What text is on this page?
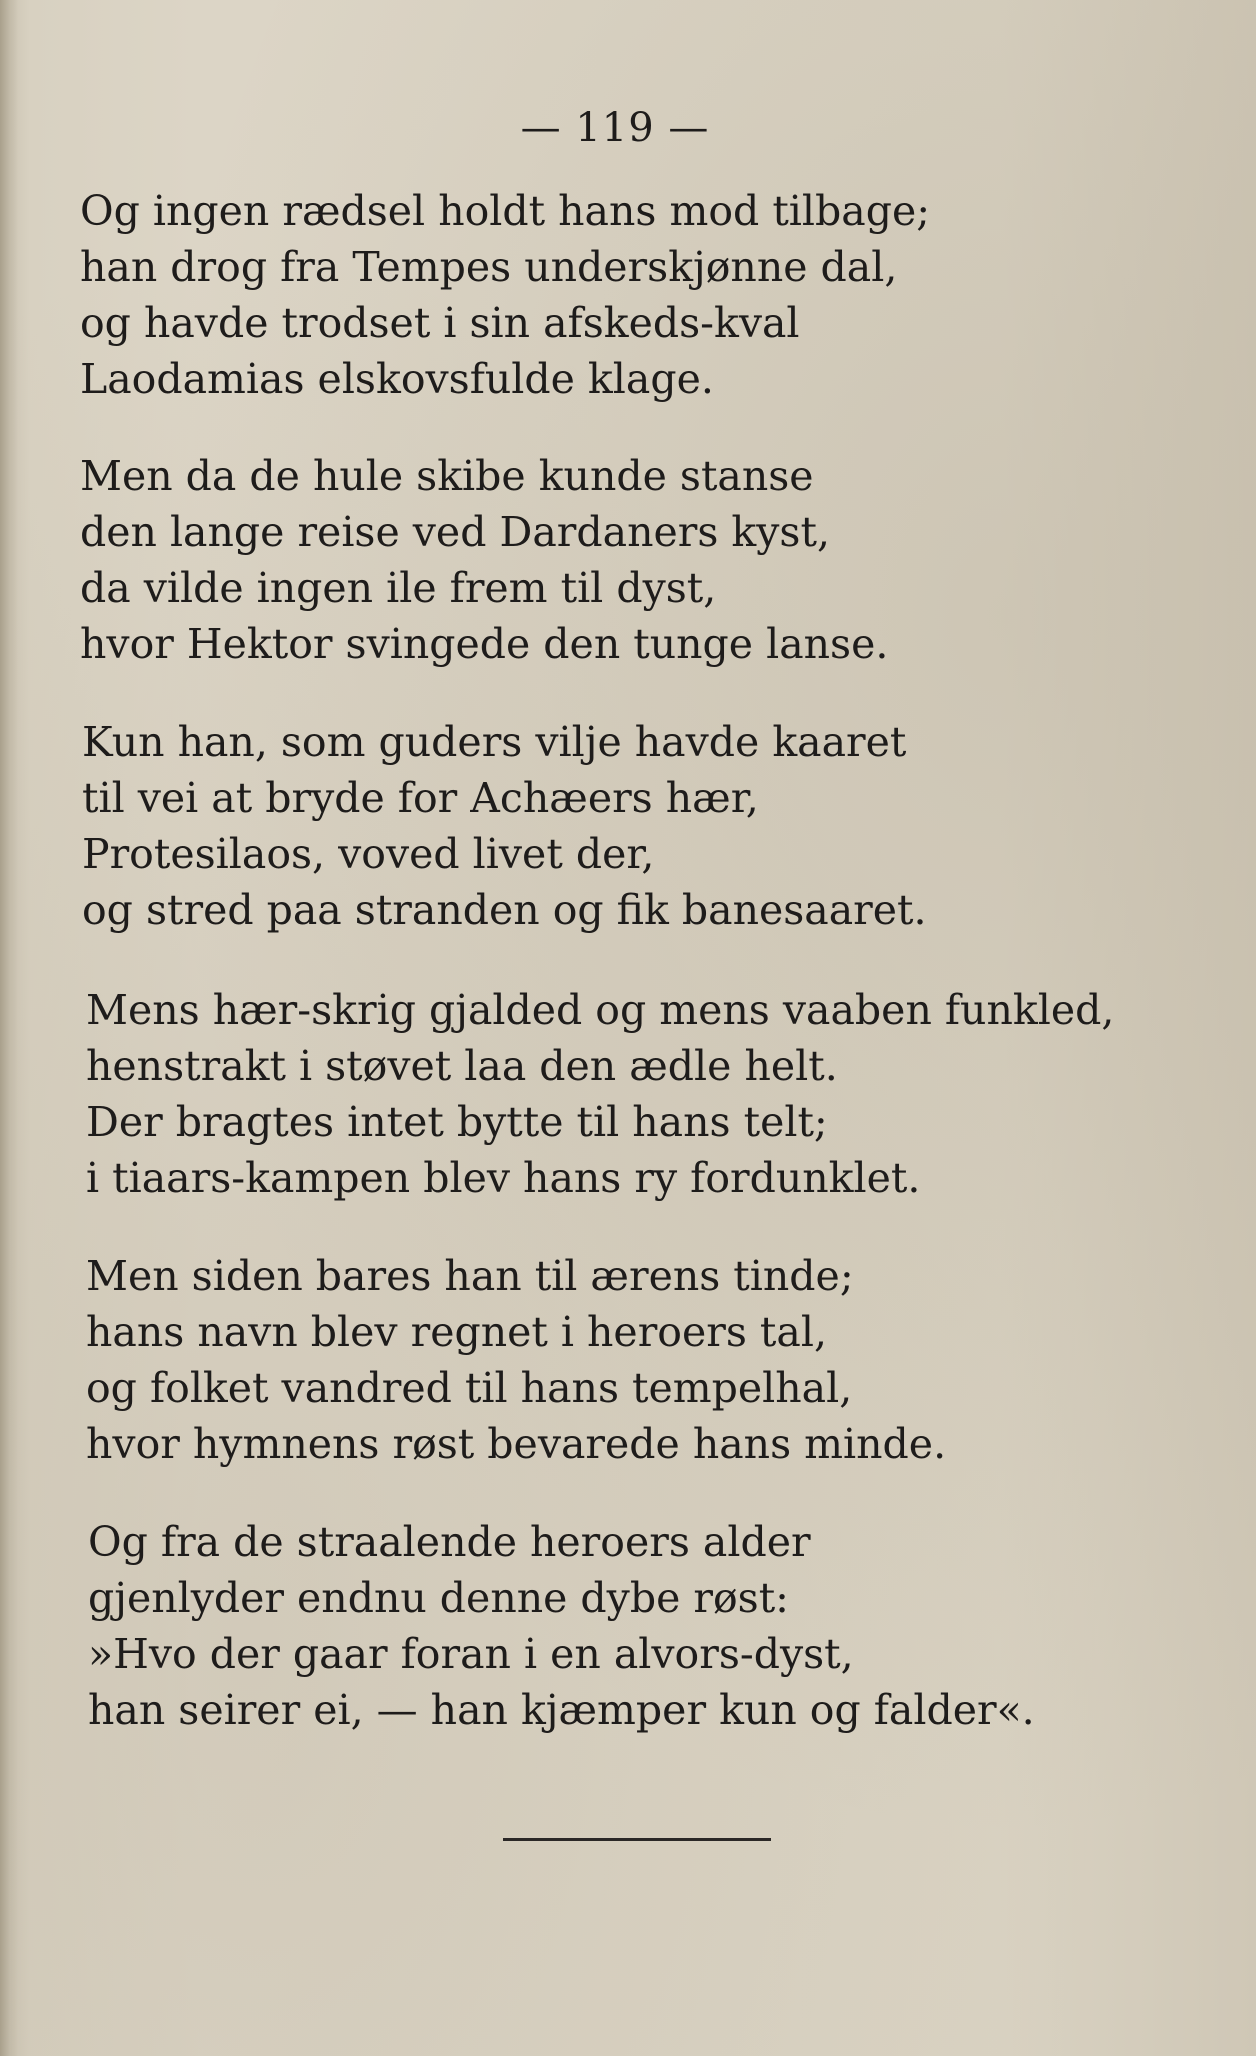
— 119 —
Og ingen rædsel holdt hans mod tilbage;
han drog fra Tempes underskjønne dal,
og havde trodset i sin afskeds-kval
Laodamias elskovsfulde klage.
Men da de hule skibe kunde stanse
den lange reise ved Dardaners kyst,
da vilde ingen ile frem til dyst,
hvor Hektor svingede den tunge lanse.
Kun han, som guders vilje havde kaaret
til vei at bryde for Achæers hær,
Protesilaos, voved livet der,
og stred paa stranden og fik banesaaret.
Mens hær-skrig gjalded og mens vaaben funkled,
henstrakt i støvet laa den ædle helt.
Der bragtes intet bytte til hans telt;
i tiaars-kampen blev hans ry fordunklet.
Men siden bares han til ærens tinde;
hans navn blev regnet i heroers tal,
og folket vandred til hans tempelhal,
hvor hymnens røst bevarede hans minde.
Og fra de straalende heroers alder
gjenlyder endnu denne dybe røst:
»Hvo der gaar foran i en alvors-dyst,
han seirer ei, — han kjæmper kun og falder«.
